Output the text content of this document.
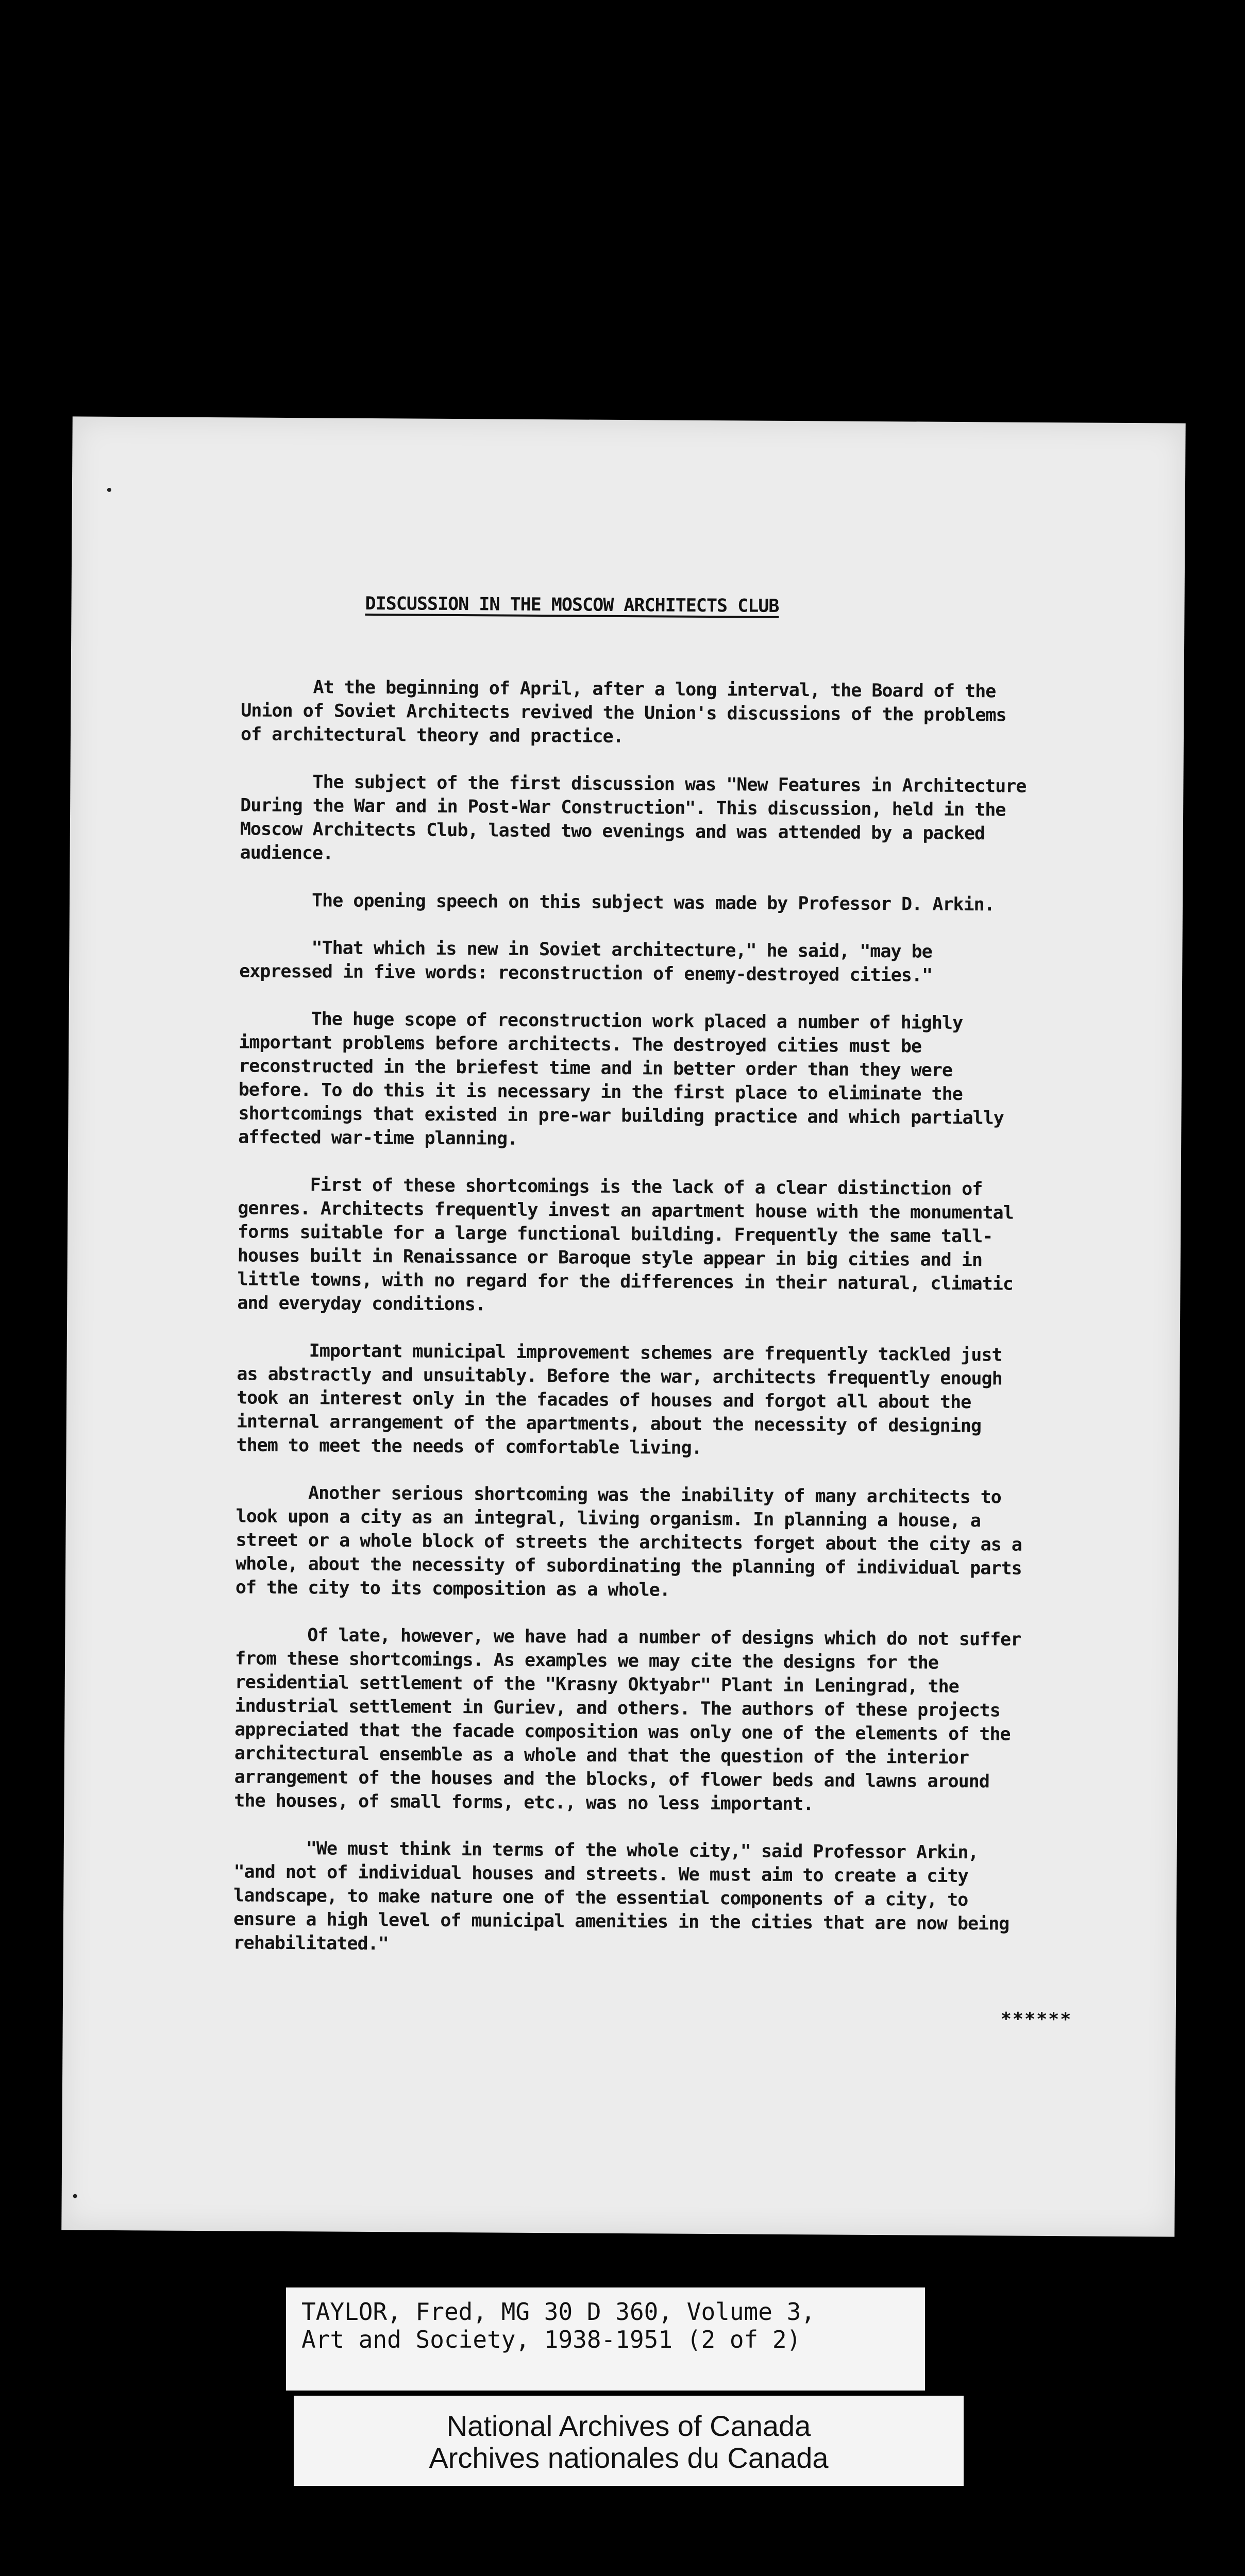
DISCUSSION IN THE MOSCOW ARCHITECTS CLUB

At the beginning of April, after a long interval, the Board of the Union of Soviet Architects revived the Union's discussions of the problems of architectural theory and practice.

The subject of the first discussion was "New Features in Architecture During the War and in Post-War Construction". This discussion, held in the Moscow Architects Club, lasted two evenings and was attended by a packed audience.

The opening speech on this subject was made by Professor D. Arkin.

"That which is new in Soviet architecture," he said, "may be expressed in five words: reconstruction of enemy-destroyed cities."

The huge scope of reconstruction work placed a number of highly important problems before architects. The destroyed cities must be reconstructed in the briefest time and in better order than they were before. To do this it is necessary in the first place to eliminate the shortcomings that existed in pre-war building practice and which partially affected war-time planning.

First of these shortcomings is the lack of a clear distinction of genres. Architects frequently invest an apartment house with the monumental forms suitable for a large functional building. Frequently the same tall-houses built in Renaissance or Baroque style appear in big cities and in little towns, with no regard for the differences in their natural, climatic and everyday conditions.

Important municipal improvement schemes are frequently tackled just as abstractly and unsuitably. Before the war, architects frequently enough took an interest only in the facades of houses and forgot all about the internal arrangement of the apartments, about the necessity of designing them to meet the needs of comfortable living.

Another serious shortcoming was the inability of many architects to look upon a city as an integral, living organism. In planning a house, a street or a whole block of streets the architects forget about the city as a whole, about the necessity of subordinating the planning of individual parts of the city to its composition as a whole.

Of late, however, we have had a number of designs which do not suffer from these shortcomings. As examples we may cite the designs for the residential settlement of the "Krasny Oktyabr" Plant in Leningrad, the industrial settlement in Guriev, and others. The authors of these projects appreciated that the facade composition was only one of the elements of the architectural ensemble as a whole and that the question of the interior arrangement of the houses and the blocks, of flower beds and lawns around the houses, of small forms, etc., was no less important.

"We must think in terms of the whole city," said Professor Arkin, "and not of individual houses and streets. We must aim to create a city landscape, to make nature one of the essential components of a city, to ensure a high level of municipal amenities in the cities that are now being rehabilitated."

******
TAYLOR, Fred, MG 30 D 360, Volume 3,
Art and Society, 1938-1951 (2 of 2)
National Archives of Canada
Archives nationales du Canada
